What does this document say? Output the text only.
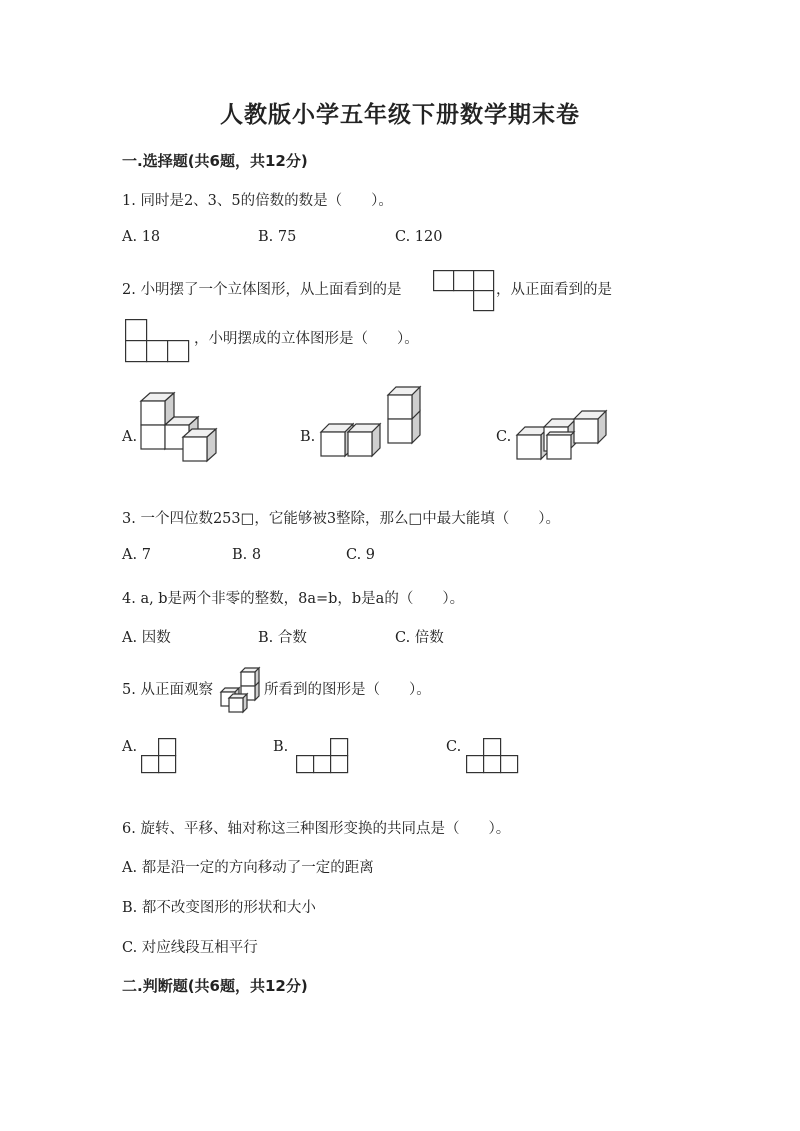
人教版小学五年级下册数学期末卷
一.选择题(共6题，共12分)
1. 同时是2、3、5的倍数的数是（　　）。
A. 18	B. 75	C. 120
2. 小明摆了一个立体图形，从上面看到的是	，从正面看到的是
，小明摆成的立体图形是（　　）。
A.	B.	C.
3. 一个四位数253□，它能够被3整除，那么□中最大能填（　　）。
A. 7	B. 8	C. 9
4. a, b是两个非零的整数，8a=b，b是a的（　　）。
A. 因数	B. 合数	C. 倍数
5. 从正面观察	所看到的图形是（　　）。
A.	B.	C.
6. 旋转、平移、轴对称这三种图形变换的共同点是（　　）。
A. 都是沿一定的方向移动了一定的距离
B. 都不改变图形的形状和大小
C. 对应线段互相平行
二.判断题(共6题，共12分)
